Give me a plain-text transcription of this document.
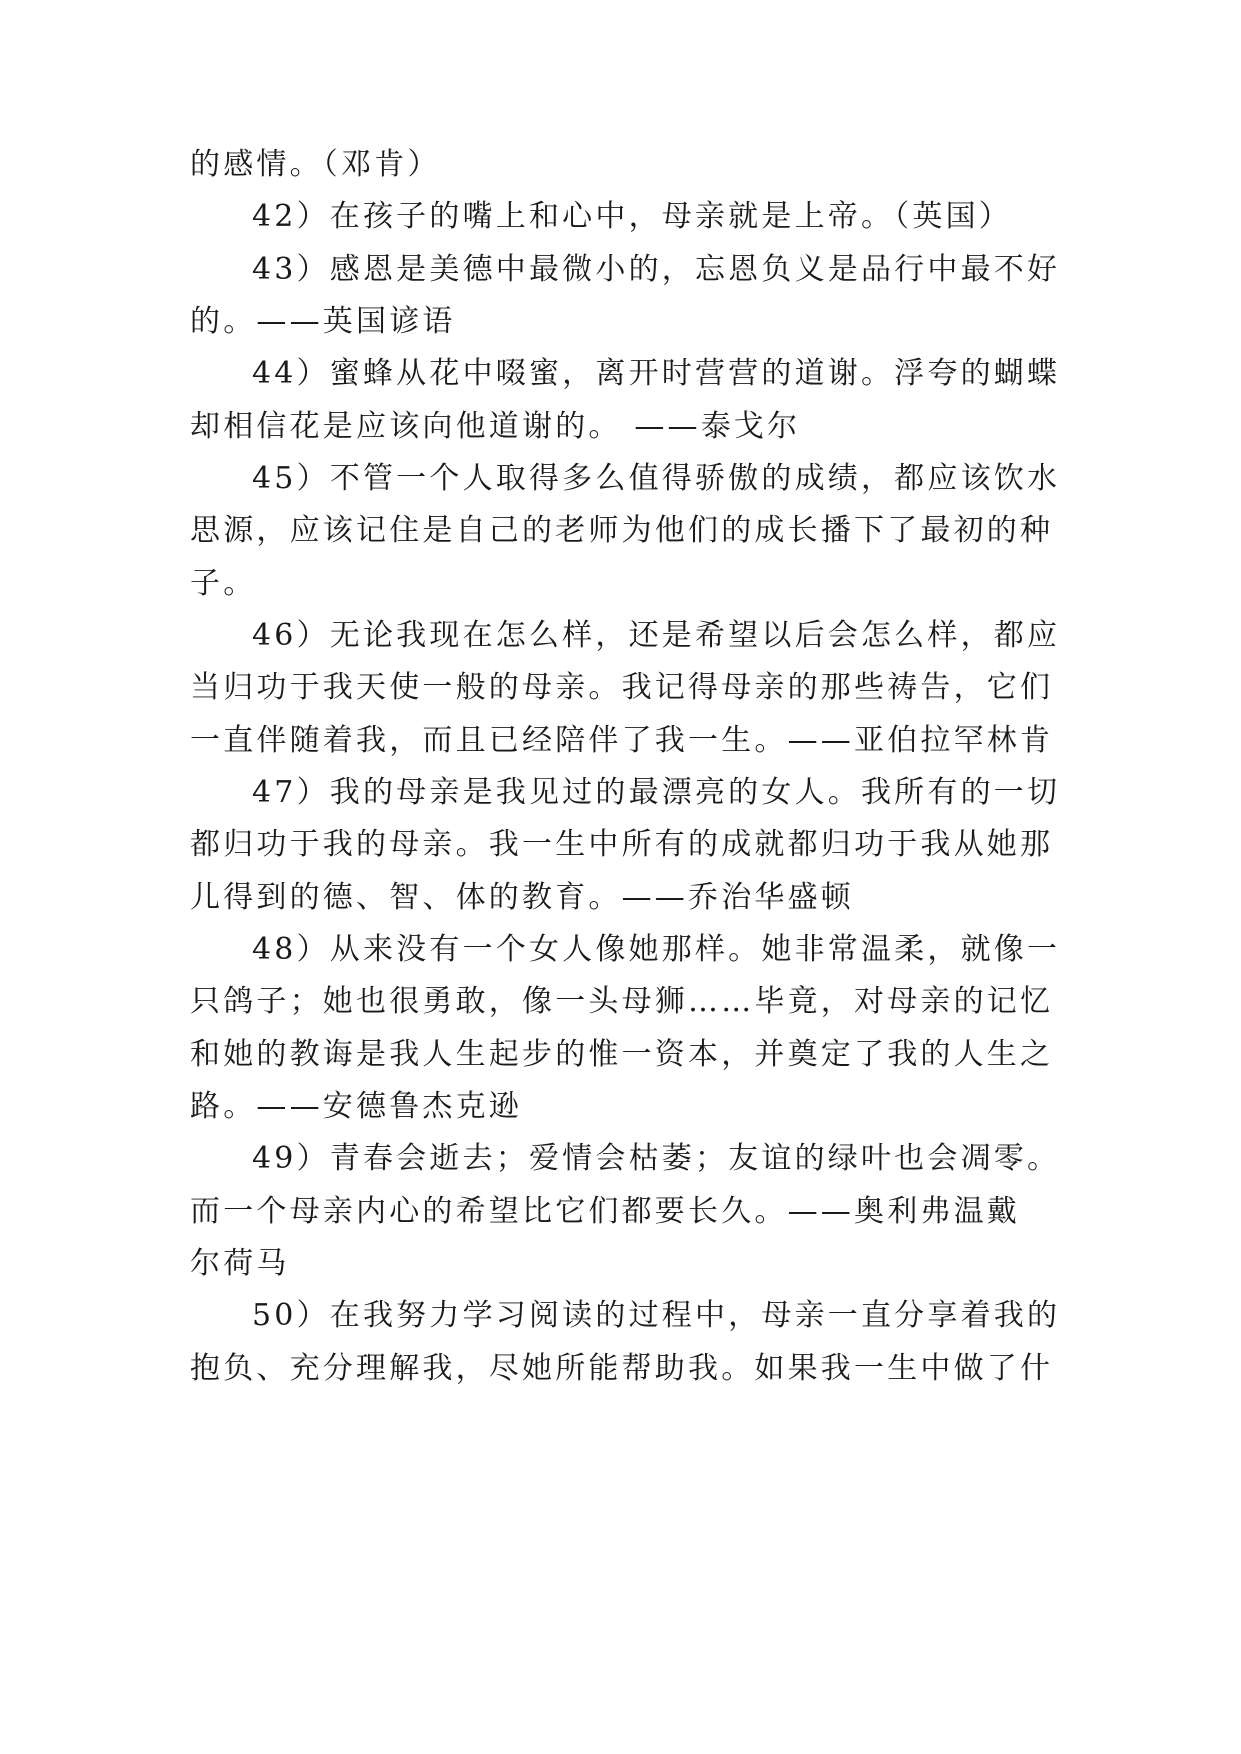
的感情。（邓肯）
42）在孩子的嘴上和心中，母亲就是上帝。（英国）
43）感恩是美德中最微小的，忘恩负义是品行中最不好
的。——英国谚语
44）蜜蜂从花中啜蜜，离开时营营的道谢。浮夸的蝴蝶
却相信花是应该向他道谢的。 ——泰戈尔
45）不管一个人取得多么值得骄傲的成绩，都应该饮水
思源，应该记住是自己的老师为他们的成长播下了最初的种
子。
46）无论我现在怎么样，还是希望以后会怎么样，都应
当归功于我天使一般的母亲。我记得母亲的那些祷告，它们
一直伴随着我，而且已经陪伴了我一生。——亚伯拉罕林肯
47）我的母亲是我见过的最漂亮的女人。我所有的一切
都归功于我的母亲。我一生中所有的成就都归功于我从她那
儿得到的德、智、体的教育。——乔治华盛顿
48）从来没有一个女人像她那样。她非常温柔，就像一
只鸽子；她也很勇敢，像一头母狮……毕竟，对母亲的记忆
和她的教诲是我人生起步的惟一资本，并奠定了我的人生之
路。——安德鲁杰克逊
49）青春会逝去；爱情会枯萎；友谊的绿叶也会凋零。
而一个母亲内心的希望比它们都要长久。——奥利弗温戴
尔荷马
50）在我努力学习阅读的过程中，母亲一直分享着我的
抱负、充分理解我，尽她所能帮助我。如果我一生中做了什
